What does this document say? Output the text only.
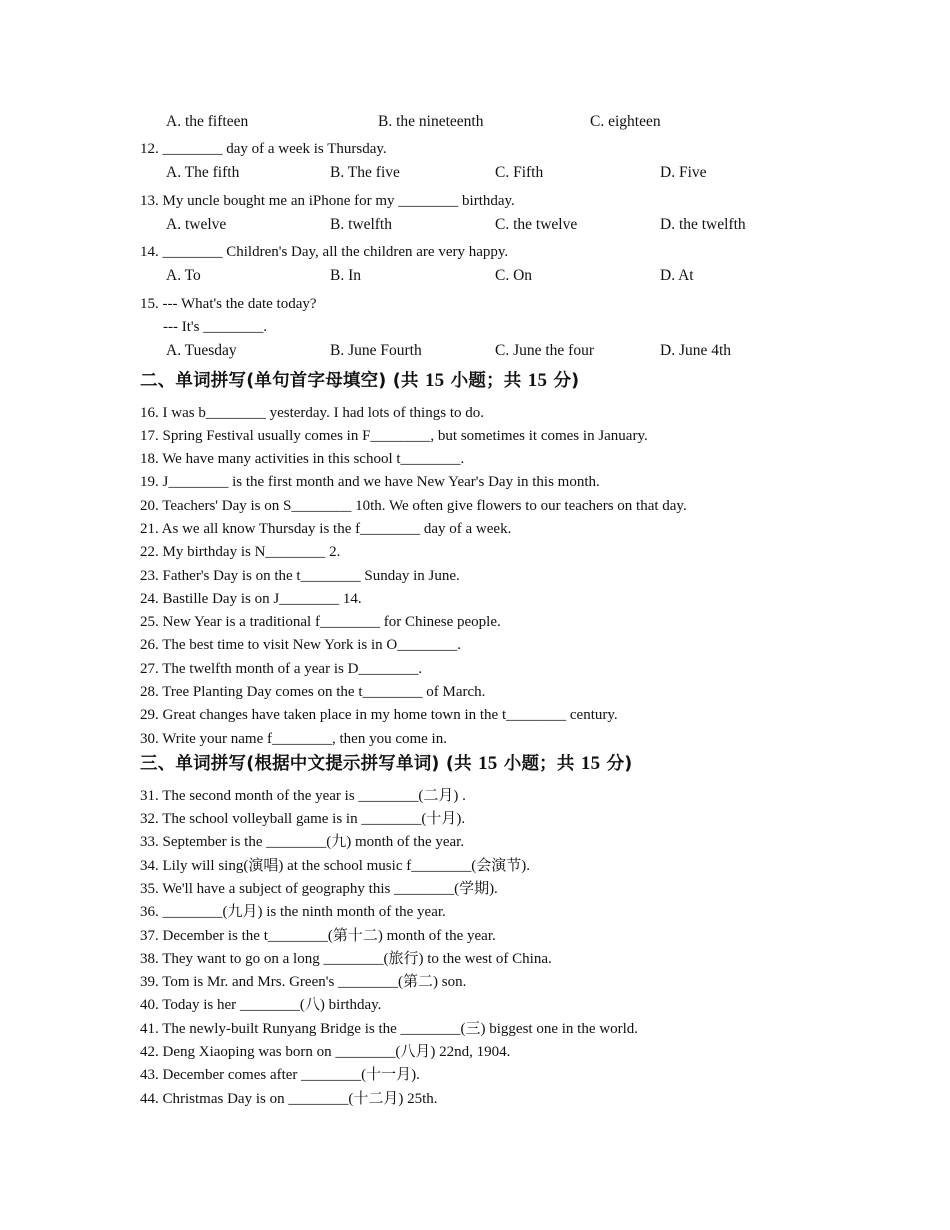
A. the fifteen	B. the nineteenth	C. eighteen
12. ________ day of a week is Thursday.
A. The fifth	B. The five	C. Fifth	D. Five
13. My uncle bought me an iPhone for my ________ birthday.
A. twelve	B. twelfth	C. the twelve	D. the twelfth
14. ________ Children's Day, all the children are very happy.
A. To	B. In	C. On	D. At
15. --- What's the date today?
--- It's ________.
A. Tuesday	B. June Fourth	C. June the four	D. June 4th
二、单词拼写(单句首字母填空) (共 15 小题；共 15 分)
16. I was b________ yesterday. I had lots of things to do.
17. Spring Festival usually comes in F________, but sometimes it comes in January.
18. We have many activities in this school t________.
19. J________ is the first month and we have New Year's Day in this month.
20. Teachers' Day is on S________ 10th. We often give flowers to our teachers on that day.
21. As we all know Thursday is the f________ day of a week.
22. My birthday is N________ 2.
23. Father's Day is on the t________ Sunday in June.
24. Bastille Day is on J________ 14.
25. New Year is a traditional f________ for Chinese people.
26. The best time to visit New York is in O________.
27. The twelfth month of a year is D________.
28. Tree Planting Day comes on the t________ of March.
29. Great changes have taken place in my home town in the t________ century.
30. Write your name f________, then you come in.
三、单词拼写(根据中文提示拼写单词) (共 15 小题；共 15 分)
31. The second month of the year is ________(二月) .
32. The school volleyball game is in ________(十月).
33. September is the ________(九) month of the year.
34. Lily will sing(演唱) at the school music f________(会演节).
35. We'll have a subject of geography this ________(学期).
36. ________(九月) is the ninth month of the year.
37. December is the t________(第十二) month of the year.
38. They want to go on a long ________(旅行) to the west of China.
39. Tom is Mr. and Mrs. Green's ________(第二) son.
40. Today is her ________(八) birthday.
41. The newly-built Runyang Bridge is the ________(三) biggest one in the world.
42. Deng Xiaoping was born on ________(八月) 22nd, 1904.
43. December comes after ________(十一月).
44. Christmas Day is on ________(十二月) 25th.
